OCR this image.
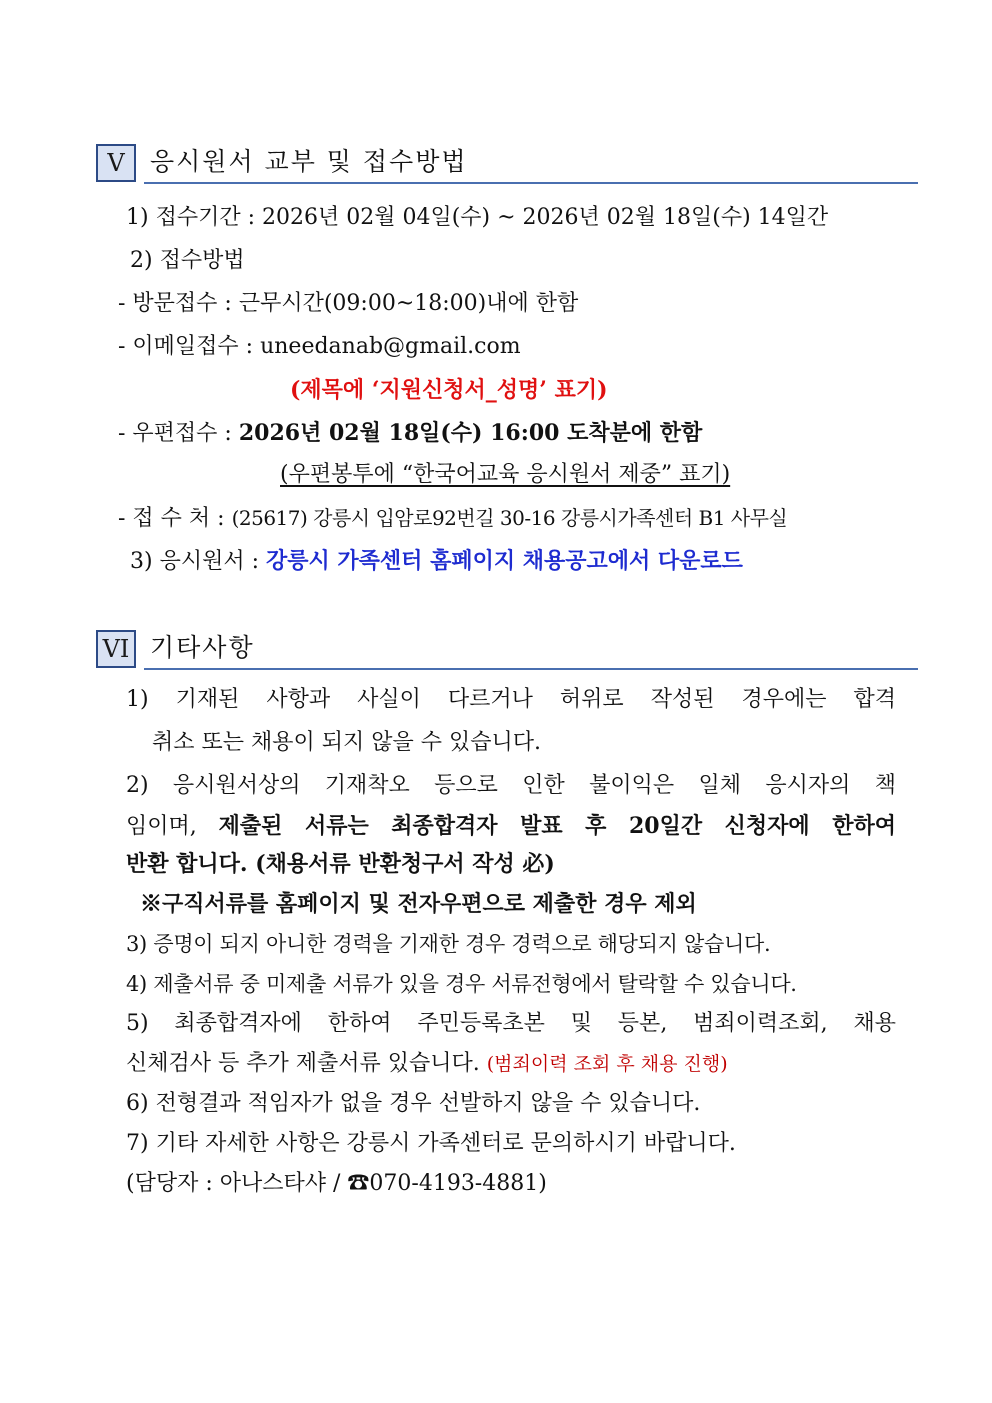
V	응시원서 교부 및 접수방법
1) 접수기간 : 2026년 02월 04일(수) ~ 2026년 02월 18일(수) 14일간
2) 접수방법
- 방문접수 : 근무시간(09:00~18:00)내에 한함
- 이메일접수 : uneedanab@gmail.com
(제목에 ‘지원신청서_성명’ 표기)
- 우편접수 : 2026년 02월 18일(수) 16:00 도착분에 한함
(우편봉투에 “한국어교육 응시원서 제중” 표기)
- 접 수 처 : (25617) 강릉시 입암로92번길 30-16 강릉시가족센터 B1 사무실
3) 응시원서 : 강릉시 가족센터 홈페이지 채용공고에서 다운로드
VI 기타사항
1) 기재된 사항과 사실이 다르거나 허위로 작성된 경우에는 합격
취소 또는 채용이 되지 않을 수 있습니다.
2) 응시원서상의 기재착오 등으로 인한 불이익은 일체 응시자의 책
임이며, 제출된 서류는 최종합격자 발표 후 20일간 신청자에 한하여
반환 합니다. (채용서류 반환청구서 작성 必)
※구직서류를 홈페이지 및 전자우편으로 제출한 경우 제외
3) 증명이 되지 아니한 경력을 기재한 경우 경력으로 해당되지 않습니다.
4) 제출서류 중 미제출 서류가 있을 경우 서류전형에서 탈락할 수 있습니다.
5) 최종합격자에 한하여 주민등록초본 및 등본, 범죄이력조회, 채용
신체검사 등 추가 제출서류 있습니다. (범죄이력 조회 후 채용 진행)
6) 전형결과 적임자가 없을 경우 선발하지 않을 수 있습니다.
7) 기타 자세한 사항은 강릉시 가족센터로 문의하시기 바랍니다.
(담당자 : 아나스타샤 / ☎070-4193-4881)
